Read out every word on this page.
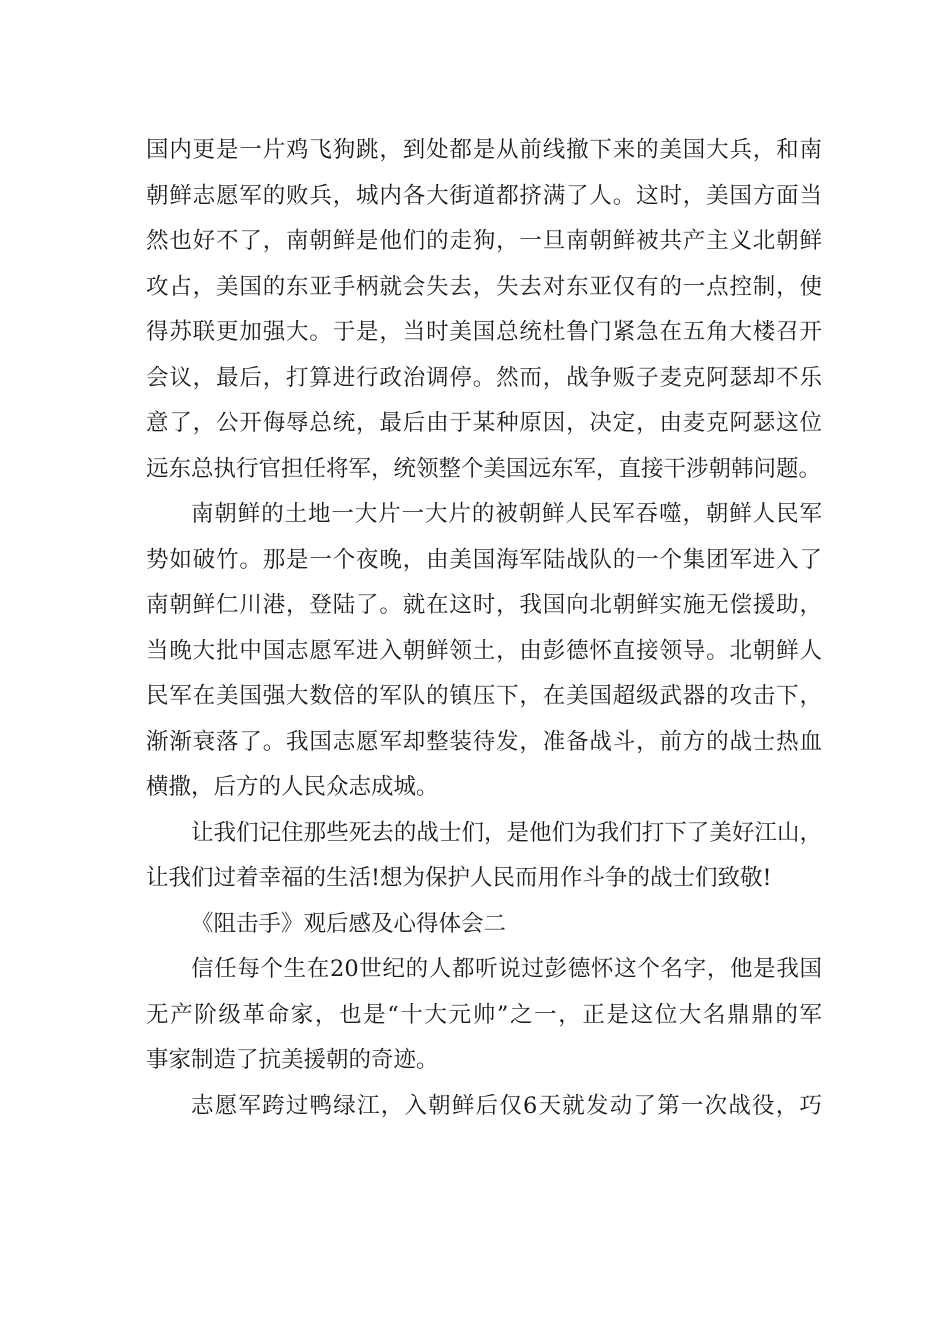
国内更是一片鸡飞狗跳，到处都是从前线撤下来的美国大兵，和南
朝鲜志愿军的败兵，城内各大街道都挤满了人。这时，美国方面当
然也好不了，南朝鲜是他们的走狗，一旦南朝鲜被共产主义北朝鲜
攻占，美国的东亚手柄就会失去，失去对东亚仅有的一点控制，使
得苏联更加强大。于是，当时美国总统杜鲁门紧急在五角大楼召开
会议，最后，打算进行政治调停。然而，战争贩子麦克阿瑟却不乐
意了，公开侮辱总统，最后由于某种原因，决定，由麦克阿瑟这位
远东总执行官担任将军，统领整个美国远东军，直接干涉朝韩问题。
南朝鲜的土地一大片一大片的被朝鲜人民军吞噬，朝鲜人民军
势如破竹。那是一个夜晚，由美国海军陆战队的一个集团军进入了
南朝鲜仁川港，登陆了。就在这时，我国向北朝鲜实施无偿援助，
当晚大批中国志愿军进入朝鲜领土，由彭德怀直接领导。北朝鲜人
民军在美国强大数倍的军队的镇压下，在美国超级武器的攻击下，
渐渐衰落了。我国志愿军却整装待发，准备战斗，前方的战士热血
横撒，后方的人民众志成城。
让我们记住那些死去的战士们，是他们为我们打下了美好江山，
让我们过着幸福的生活!想为保护人民而用作斗争的战士们致敬!
《阻击手》观后感及心得体会二
信任每个生在20世纪的人都听说过彭德怀这个名字，他是我国
无产阶级革命家，也是“十大元帅”之一，正是这位大名鼎鼎的军
事家制造了抗美援朝的奇迹。
志愿军跨过鸭绿江，入朝鲜后仅6天就发动了第一次战役，巧
